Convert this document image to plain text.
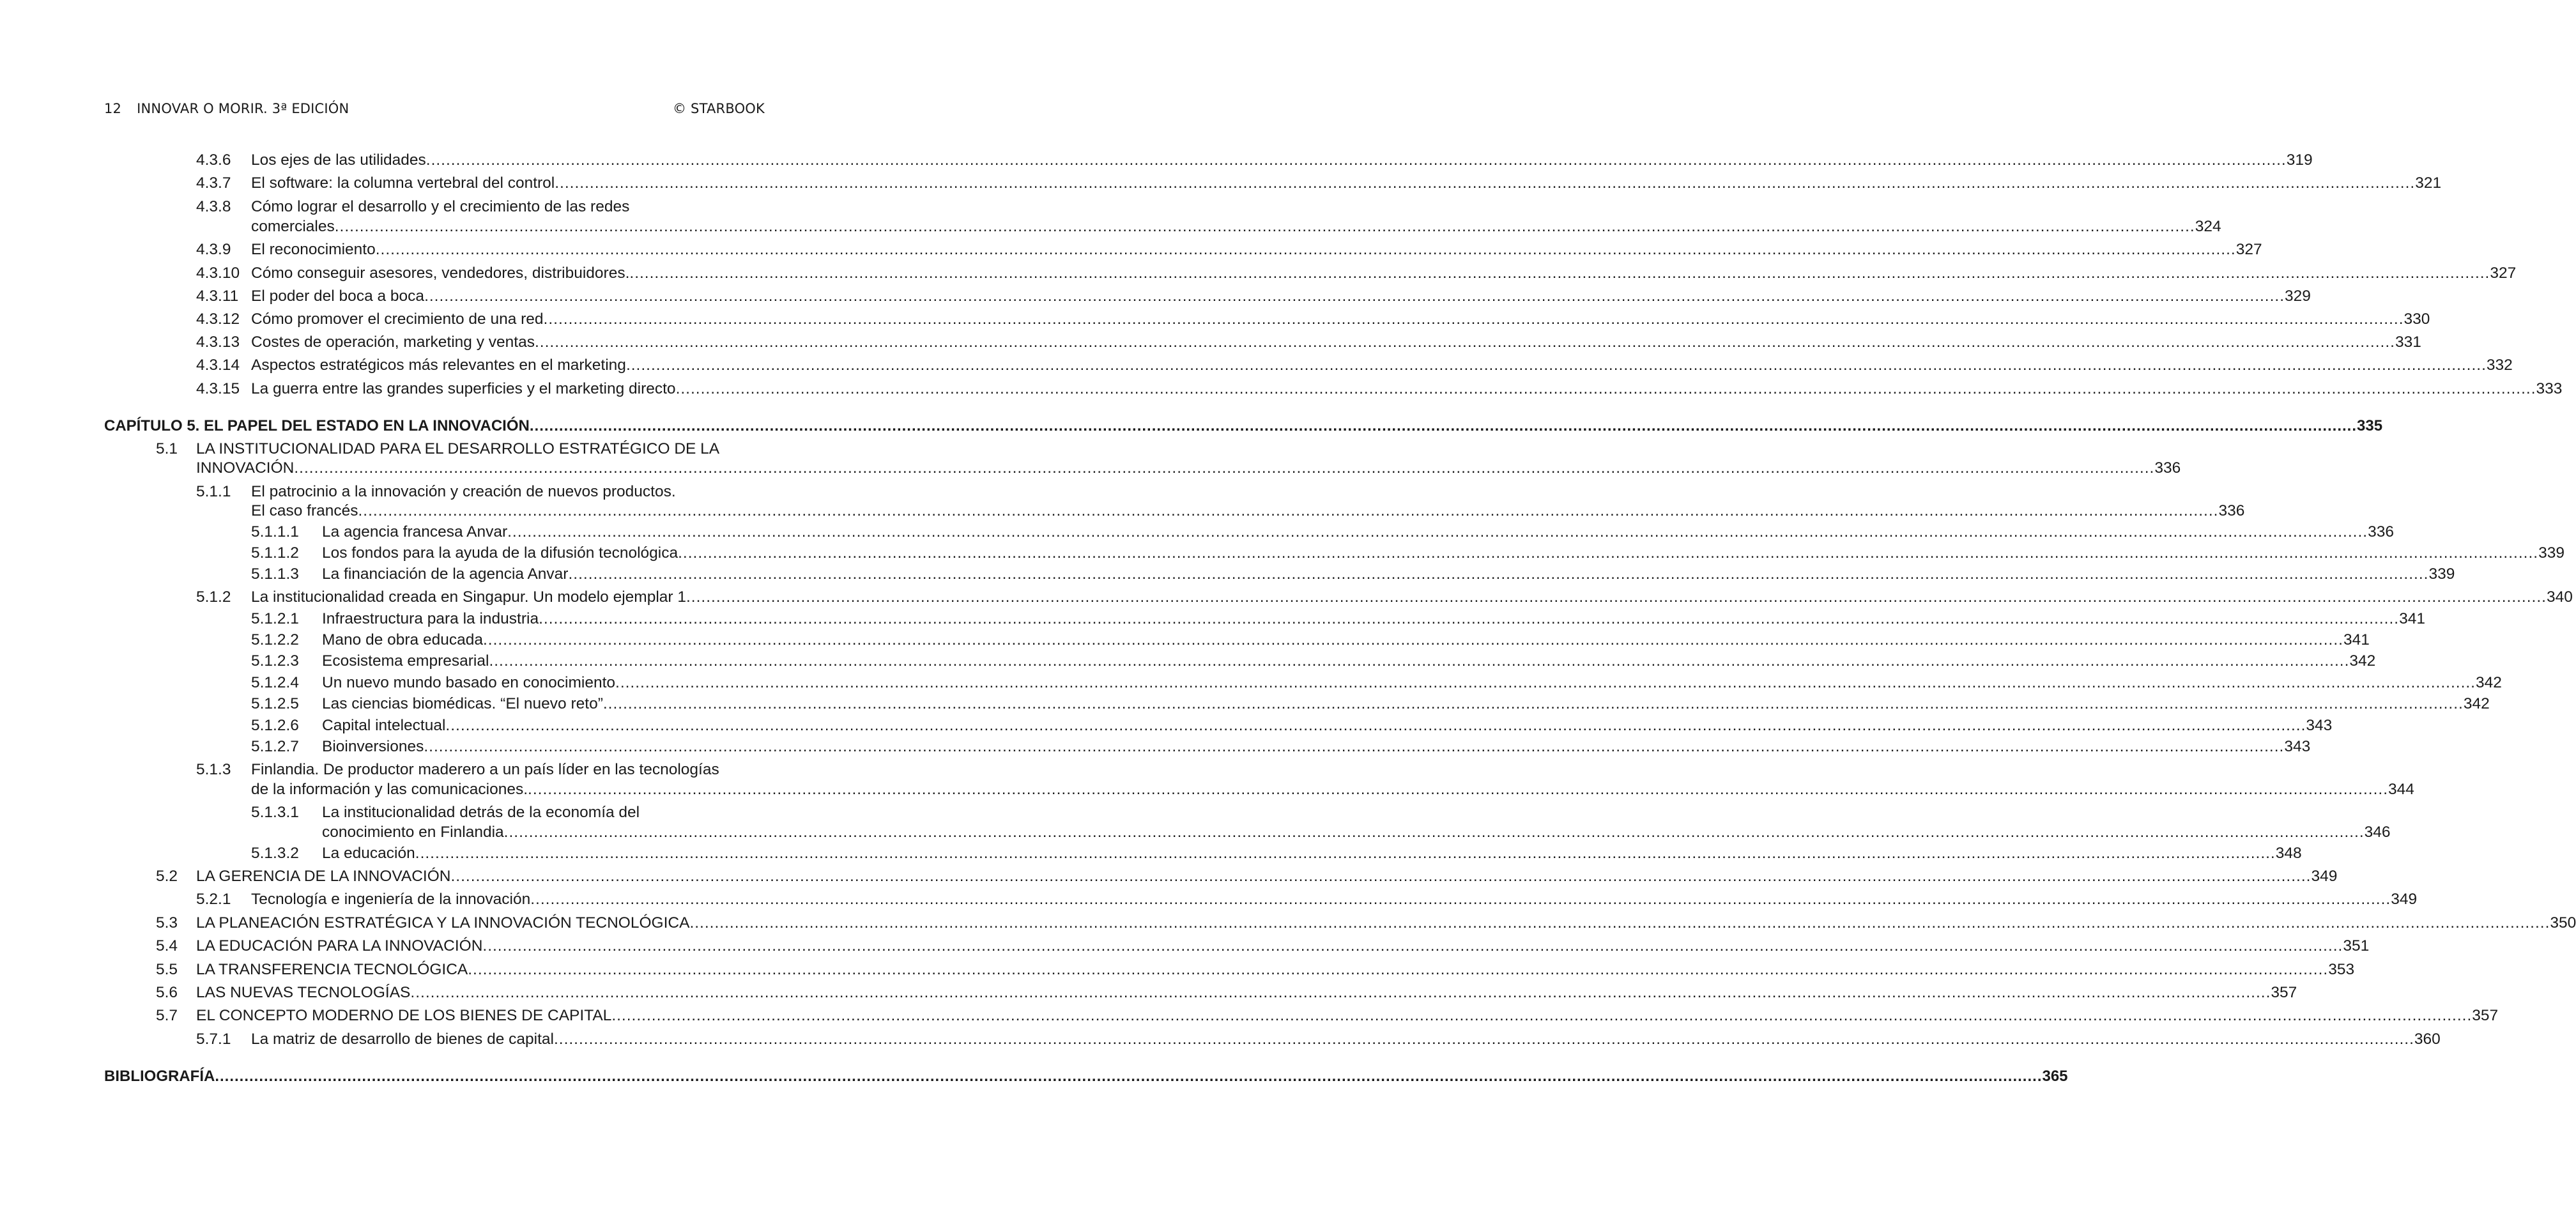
12 INNOVAR O MORIR. 3ª EDICIÓN	© STARBOOK
4.3.6 Los ejes de las utilidades .....	319
4.3.7 El software: la columna vertebral del control .....	321
4.3.8 Cómo lograr el desarrollo y el crecimiento de las redes
comerciales .....	324
4.3.9 El reconocimiento .....	327
4.3.10 Cómo conseguir asesores, vendedores, distribuidores. .....	327
4.3.11 El poder del boca a boca .....	329
4.3.12 Cómo promover el crecimiento de una red .....	330
4.3.13 Costes de operación, marketing y ventas .....	331
4.3.14 Aspectos estratégicos más relevantes en el marketing .....	332
4.3.15 La guerra entre las grandes superficies y el marketing directo .....	333
CAPÍTULO 5. EL PAPEL DEL ESTADO EN LA INNOVACIÓN .....	335
5.1 LA INSTITUCIONALIDAD PARA EL DESARROLLO ESTRATÉGICO DE LA
INNOVACIÓN .....	336
5.1.1 El patrocinio a la innovación y creación de nuevos productos.
El caso francés .....	336
5.1.1.1 La agencia francesa Anvar .....	336
5.1.1.2 Los fondos para la ayuda de la difusión tecnológica .....	339
5.1.1.3 La financiación de la agencia Anvar .....	339
5.1.2 La institucionalidad creada en Singapur. Un modelo ejemplar 1 .....	340
5.1.2.1 Infraestructura para la industria .....	341
5.1.2.2 Mano de obra educada .....	341
5.1.2.3 Ecosistema empresarial .....	342
5.1.2.4 Un nuevo mundo basado en conocimiento .....	342
5.1.2.5 Las ciencias biomédicas. “El nuevo reto” .....	342
5.1.2.6 Capital intelectual .....	343
5.1.2.7 Bioinversiones .....	343
5.1.3 Finlandia. De productor maderero a un país líder en las tecnologías
de la información y las comunicaciones. .....	344
5.1.3.1 La institucionalidad detrás de la economía del
conocimiento en Finlandia .....	346
5.1.3.2 La educación .....	348
5.2 LA GERENCIA DE LA INNOVACIÓN .....	349
5.2.1 Tecnología e ingeniería de la innovación .....	349
5.3 LA PLANEACIÓN ESTRATÉGICA Y LA INNOVACIÓN TECNOLÓGICA .....	350
5.4 LA EDUCACIÓN PARA LA INNOVACIÓN .....	351
5.5 LA TRANSFERENCIA TECNOLÓGICA .....	353
5.6 LAS NUEVAS TECNOLOGÍAS .....	357
5.7 EL CONCEPTO MODERNO DE LOS BIENES DE CAPITAL .....	357
5.7.1 La matriz de desarrollo de bienes de capital .....	360
BIBLIOGRAFÍA .....	365
